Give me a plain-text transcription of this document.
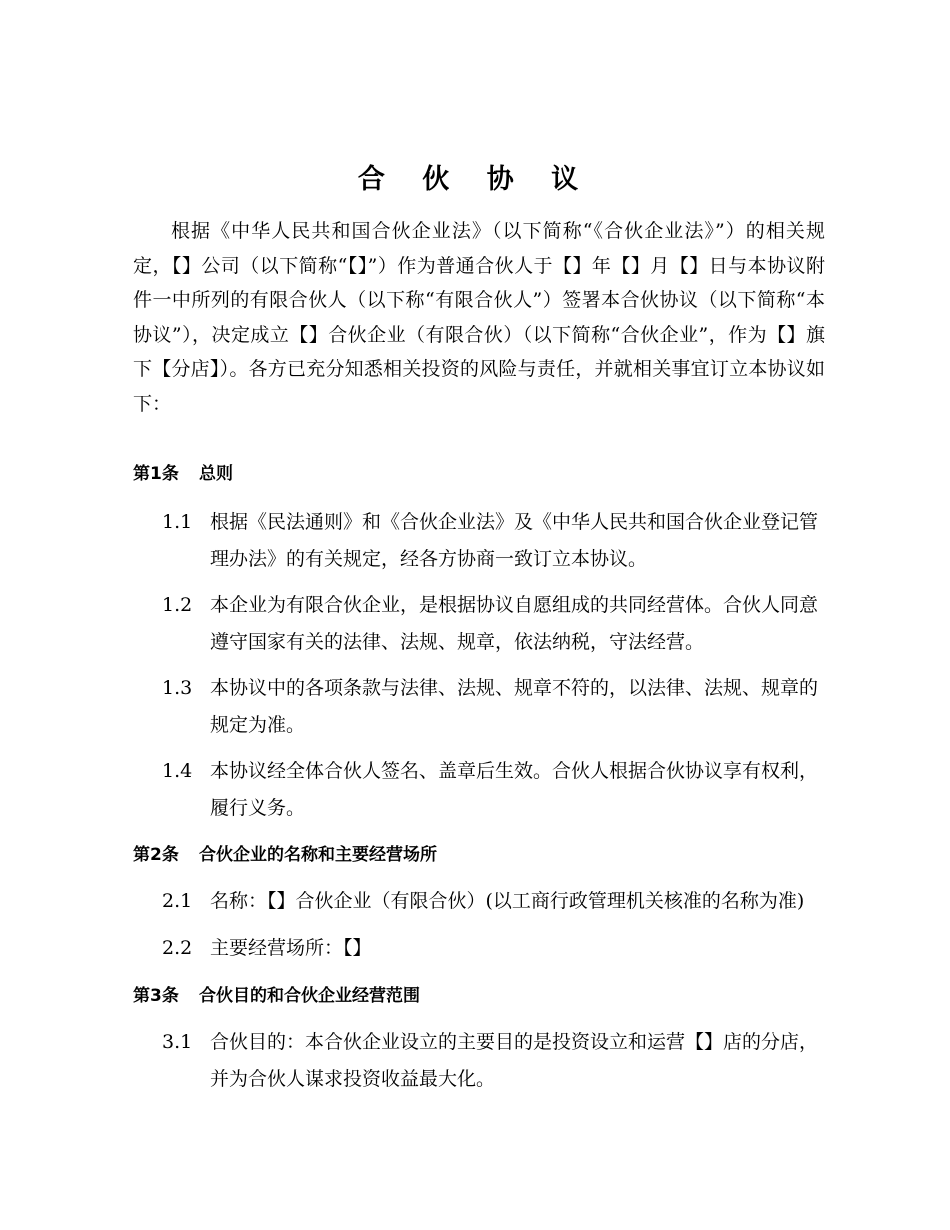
合 伙 协 议

根据《中华人民共和国合伙企业法》（以下简称“《合伙企业法》”）的相关规定，【】公司（以下简称“【】”）作为普通合伙人于【】年【】月【】日与本协议附件一中所列的有限合伙人（以下称“有限合伙人”）签署本合伙协议（以下简称“本协议”），决定成立【】合伙企业（有限合伙）（以下简称“合伙企业”，作为【】旗下【分店】）。各方已充分知悉相关投资的风险与责任，并就相关事宜订立本协议如下：

第1条 总则
1.1 根据《民法通则》和《合伙企业法》及《中华人民共和国合伙企业登记管理办法》的有关规定，经各方协商一致订立本协议。
1.2 本企业为有限合伙企业，是根据协议自愿组成的共同经营体。合伙人同意遵守国家有关的法律、法规、规章，依法纳税，守法经营。
1.3 本协议中的各项条款与法律、法规、规章不符的，以法律、法规、规章的规定为准。
1.4 本协议经全体合伙人签名、盖章后生效。合伙人根据合伙协议享有权利，履行义务。
第2条 合伙企业的名称和主要经营场所
2.1 名称：【】合伙企业（有限合伙）(以工商行政管理机关核准的名称为准)
2.2 主要经营场所：【】
第3条 合伙目的和合伙企业经营范围
3.1 合伙目的：本合伙企业设立的主要目的是投资设立和运营【】店的分店，并为合伙人谋求投资收益最大化。
